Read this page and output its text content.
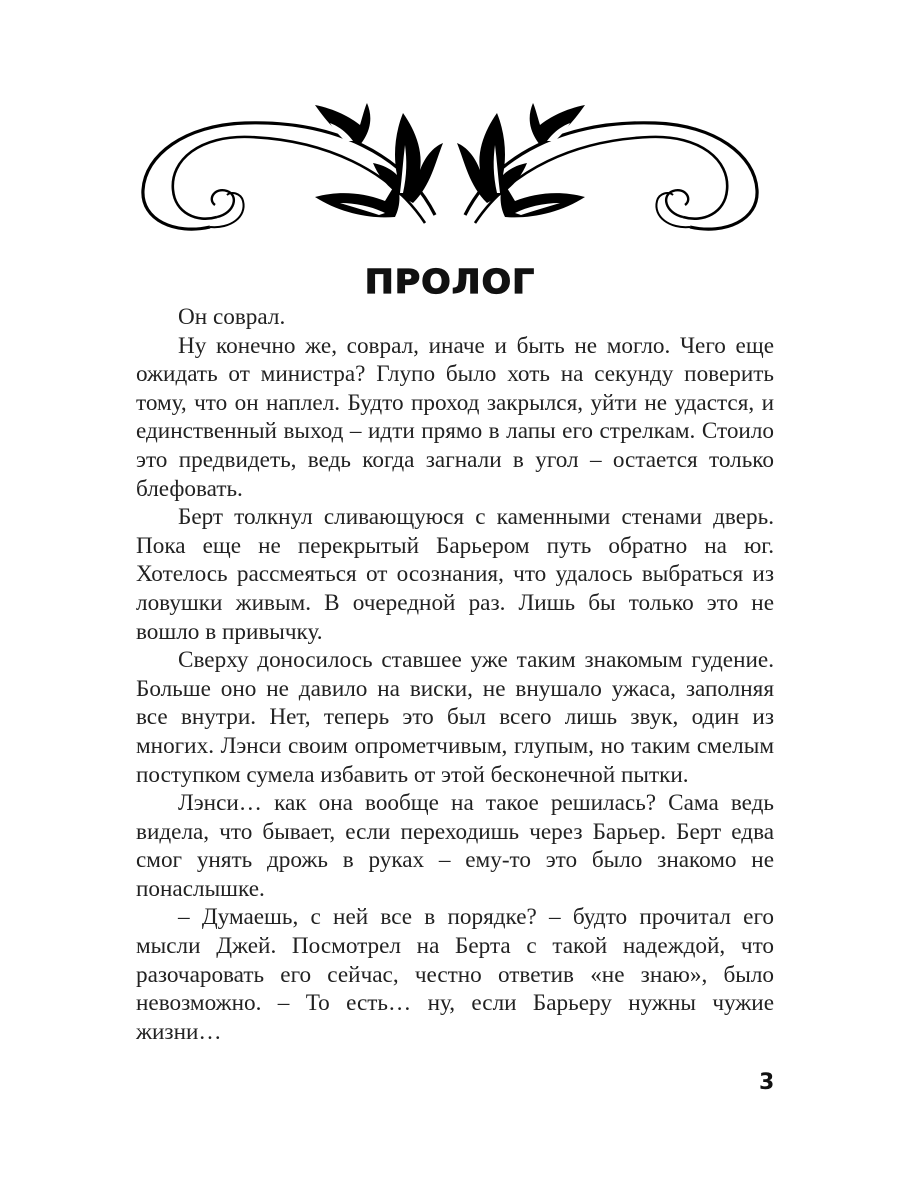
ПРОЛОГ

Он соврал.

Ну конечно же, соврал, иначе и быть не могло. Чего еще ожидать от министра? Глупо было хоть на секунду поверить тому, что он наплел. Будто проход закрылся, уйти не удастся, и единственный выход – идти прямо в лапы его стрелкам. Стоило это предвидеть, ведь когда загнали в угол – остается только блефовать.

Берт толкнул сливающуюся с каменными стенами дверь. Пока еще не перекрытый Барьером путь обратно на юг. Хотелось рассмеяться от осознания, что удалось выбраться из ловушки живым. В очередной раз. Лишь бы только это не вошло в привычку.

Сверху доносилось ставшее уже таким знакомым гудение. Больше оно не давило на виски, не внушало ужаса, заполняя все внутри. Нет, теперь это был всего лишь звук, один из многих. Лэнси своим опрометчивым, глупым, но таким смелым поступком сумела избавить от этой бесконечной пытки.

Лэнси… как она вообще на такое решилась? Сама ведь видела, что бывает, если переходишь через Барьер. Берт едва смог унять дрожь в руках – ему-то это было знакомо не понаслышке.

– Думаешь, с ней все в порядке? – будто прочитал его мысли Джей. Посмотрел на Берта с такой надеждой, что разочаровать его сейчас, честно ответив «не знаю», было невозможно. – То есть… ну, если Барьеру нужны чужие жизни…

3
